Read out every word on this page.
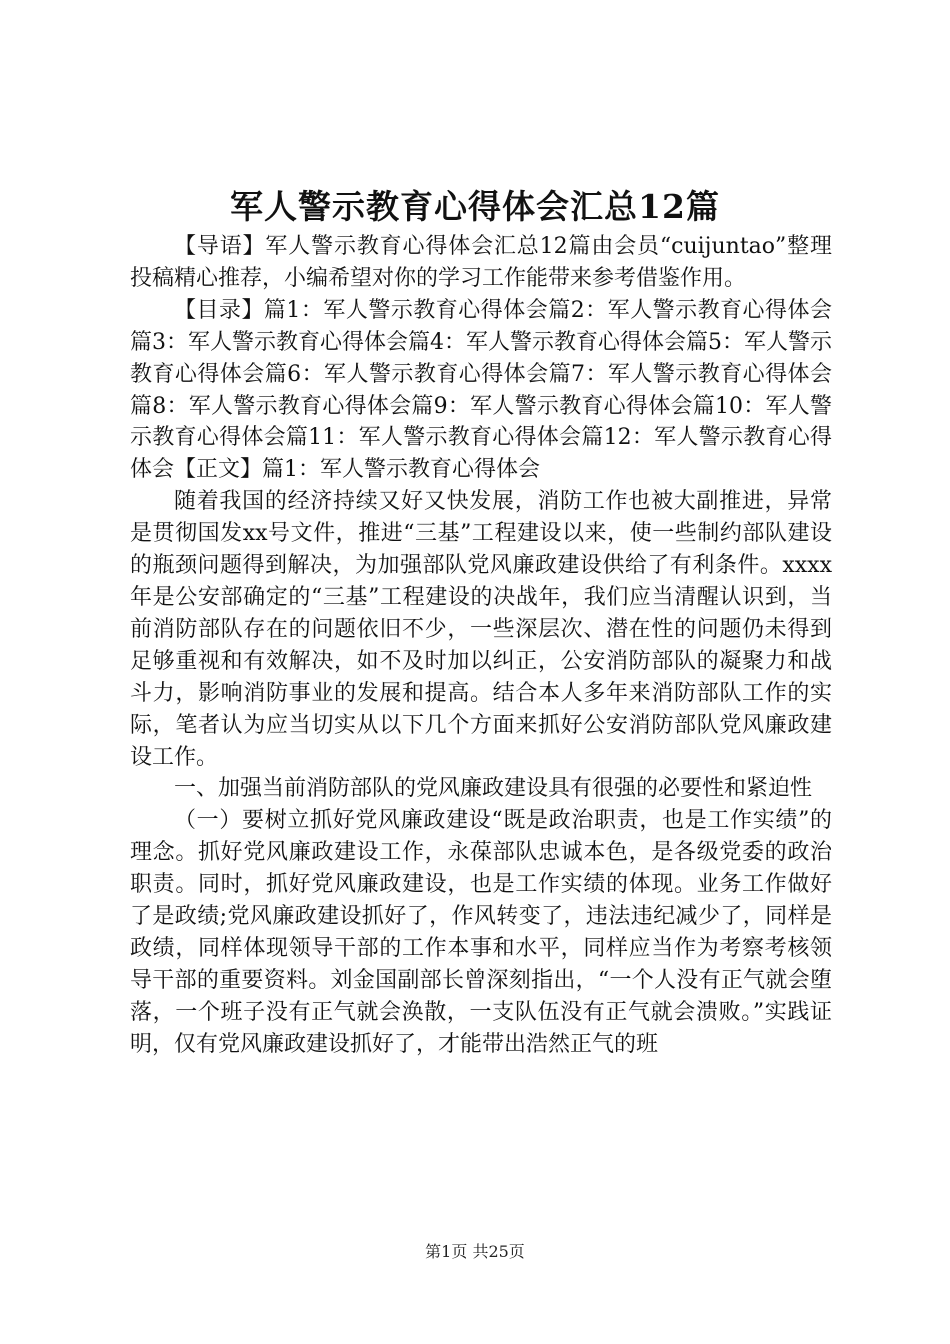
军人警示教育心得体会汇总12篇

【导语】军人警示教育心得体会汇总12篇由会员“cuijuntao”整理投稿精心推荐，小编希望对你的学习工作能带来参考借鉴作用。

【目录】篇1：军人警示教育心得体会篇2：军人警示教育心得体会篇3：军人警示教育心得体会篇4：军人警示教育心得体会篇5：军人警示教育心得体会篇6：军人警示教育心得体会篇7：军人警示教育心得体会篇8：军人警示教育心得体会篇9：军人警示教育心得体会篇10：军人警示教育心得体会篇11：军人警示教育心得体会篇12：军人警示教育心得体会【正文】篇1：军人警示教育心得体会

随着我国的经济持续又好又快发展，消防工作也被大副推进，异常是贯彻国发xx号文件，推进“三基”工程建设以来，使一些制约部队建设的瓶颈问题得到解决，为加强部队党风廉政建设供给了有利条件。xxxx年是公安部确定的“三基”工程建设的决战年，我们应当清醒认识到，当前消防部队存在的问题依旧不少，一些深层次、潜在性的问题仍未得到足够重视和有效解决，如不及时加以纠正，公安消防部队的凝聚力和战斗力，影响消防事业的发展和提高。结合本人多年来消防部队工作的实际，笔者认为应当切实从以下几个方面来抓好公安消防部队党风廉政建设工作。

一、加强当前消防部队的党风廉政建设具有很强的必要性和紧迫性

（一）要树立抓好党风廉政建设“既是政治职责，也是工作实绩”的理念。抓好党风廉政建设工作，永葆部队忠诚本色，是各级党委的政治职责。同时，抓好党风廉政建设，也是工作实绩的体现。业务工作做好了是政绩;党风廉政建设抓好了，作风转变了，违法违纪减少了，同样是政绩，同样体现领导干部的工作本事和水平，同样应当作为考察考核领导干部的重要资料。刘金国副部长曾深刻指出，“一个人没有正气就会堕落，一个班子没有正气就会涣散，一支队伍没有正气就会溃败。”实践证明，仅有党风廉政建设抓好了，才能带出浩然正气的班

第1页 共25页
